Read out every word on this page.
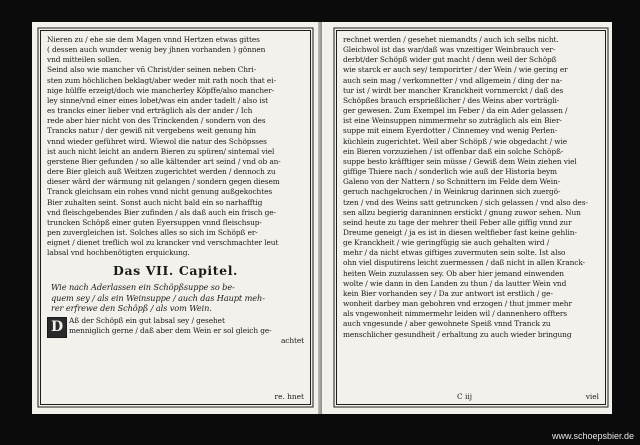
Nieren zu / ehe sie dem Magen vnnd Hertzen etwas gittes
( dessen auch wunder wenig bey jhnen vorhanden ) gönnen
vnd mitteilen sollen.
Seind also wie mancher vñ Christ/der seinen neben Chri-
sten zum höchlichen beklagt/aber weder mit rath noch that ei-
nige hülffe erzeigt/doch wie mancherley Köpffe/also mancher-
ley sinne/vnd einer eines lobet/was ein ander tadelt / also ist
es trancks einer lieber vnd erträglich als der ander / Ich
rede aber hier nicht von des Trinckenden / sondern von des
Trancks natur / der gewiß nit vergebens weit genung hin
vnnd wieder geführet wird. Wiewol die natur des Schöpsses
ist auch nicht leicht an andern Bieren zu spüren/ sintemal viel
gerstene Bier gefunden / so alle kältender art seind / vnd ob an-
dere Bier gleich auß Weitzen zugerichtet werden / dennoch zu
dieser wärd der wärmung nit gelangen / sondern gegen diesem
Tranck gleichsam ein rohes vnnd nicht genung außgekochtes
Bier zuhalten seint. Sonst auch nicht bald ein so narhafftig
vnd fleischgebendes Bier zufinden / als daß auch ein frisch ge-
truncken Schöpß einer guten Eyersuppen vnnd fleischsup-
pen zuvergleichen ist. Solches alles so sich im Schöpß er-
eignet / dienet treflich wol zu krancker vnd verschmachter leut
labsal vnd hochbenötigten erquickung.
Das VII. Capitel.
Wie nach Aderlassen ein Schöpßsuppe so be-
quem sey / als ein Weinsuppe / auch das Haupt meh-
rer erfrewe den Schöpß / als vom Wein.
D Aß der Schöpß ein gut labsal sey / gesehet
menniglich gerne / daß aber dem Wein er sol gleich ge-
achtet
re. hnet
rechnet werden / gesehet niemandts / auch ich selbs nicht.
Gleichwol ist das war/daß was vnzeitiger Weinbrauch ver-
derbt/der Schöpß wider gut macht / denn weil der Schöpß
wie starck er auch sey/ temporirter / der Wein / wie gering er
auch sein mag / verkomnetter / vnd allgemein / ding der na-
tur ist / wirdt ber mancher Kranckheit vornmerckt / daß des
Schöpßes brauch ersprießlicher / des Weins aber vorträgli-
ger gewesen. Zum Exempel im Feber / da ein Ader gelassen /
ist eine Weinsuppen nimmermehr so zuträglich als ein Bier-
suppe mit einem Eyerdotter / Cinnemey vnd wenig Perlen-
küchlein zugerichtet. Weil aber Schöpß / wie obgedacht / wie
ein Bieren vorzuziehen / ist offenbar daß ein solche Schöpß-
suppe besto kräfftiger sein müsse / Gewiß dem Wein ziehen viel
giffige Thiere nach / sonderlich wie auß der Historia beym
Galeno von der Nattern / so Schnittern im Felde dem Wein-
geruch nachgekrochen / in Weinkrug darinnen sich zuergö-
tzen / vnd des Weins satt getruncken / sich gelassen / vnd also des-
sen allzu begierig daraninnen erstickt / gnung zuwor sehen. Nun
seind heute zu tage der mehrer theil Feber alle giffig vnnd zur
Dreume geneigt / ja es ist in diesen weltfieber fast keine gehlin-
ge Kranckheit / wie geringfügig sie auch gehalten wird /
mehr / da nicht etwas giftiges zuvermuten sein solte. Ist also
ohn viel disputirens leicht zuermessen / daß nicht in allen Kranck-
heiten Wein zuzulassen sey. Ob aber hier jemand einwenden
wolte / wie dann in den Landen zu thun / da lautter Wein vnd
kein Bier vorhanden sey / Da zur antwort ist erstlich / ge-
wonheit darbey man gebohren vnd erzogen / thut jmmer mehr
als vngewonheit nimmermehr leiden wil / dannenhero offters
auch vngesunde / aber gewohnete Speiß vnnd Tranck zu
menschlicher gesundheit / erhaltung zu auch wieder bringung
C iij	viel
www.schoepsbier.de
